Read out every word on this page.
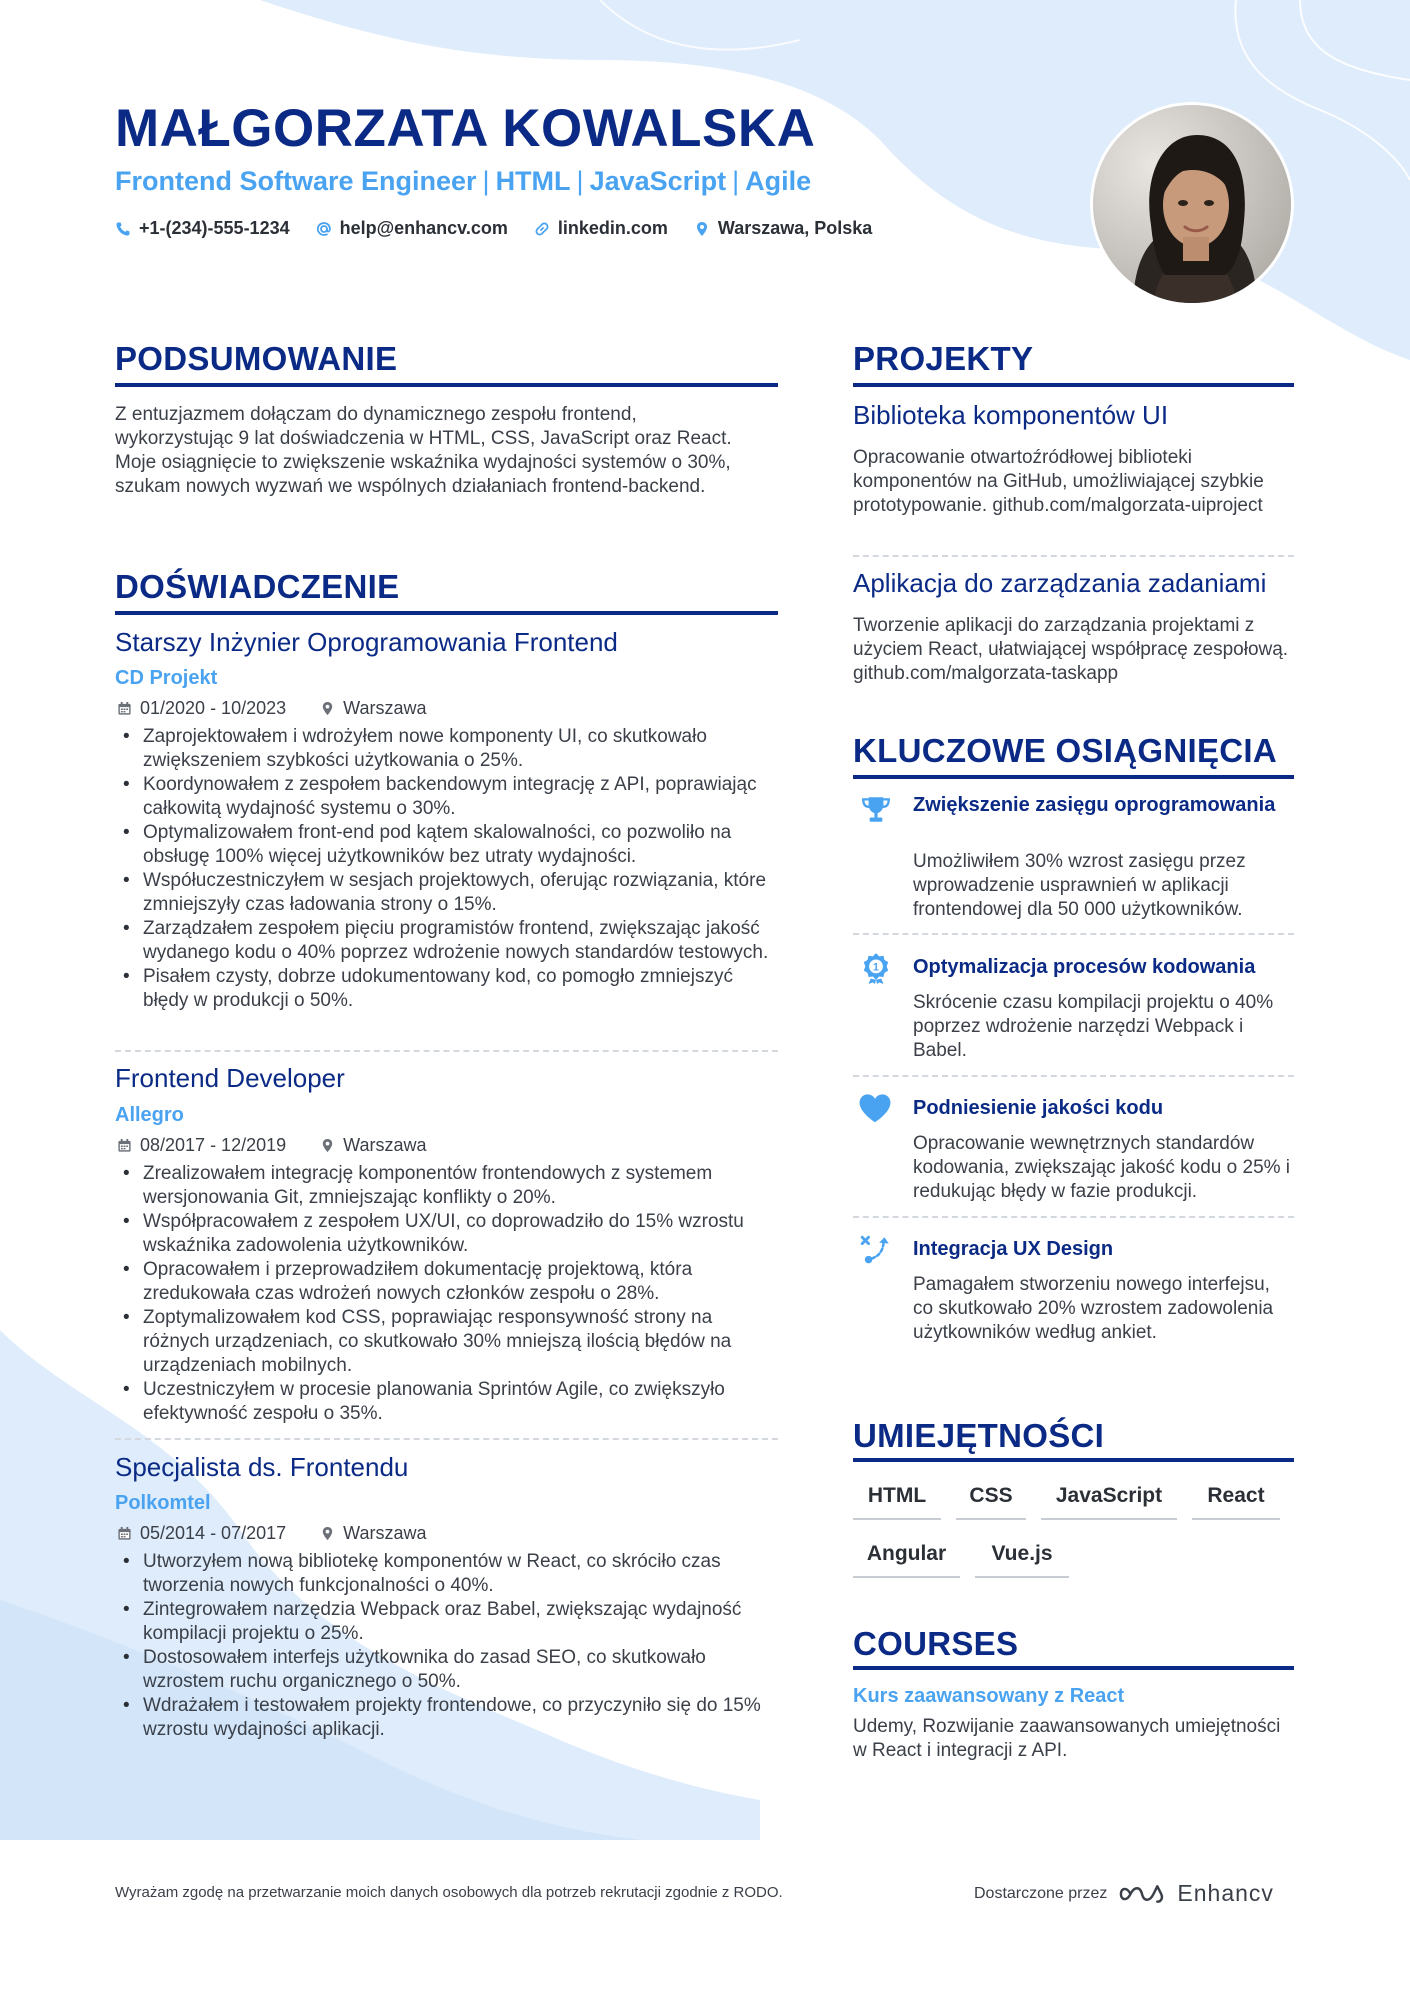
MAŁGORZATA KOWALSKA
Frontend Software Engineer | HTML | JavaScript | Agile
+1-(234)-555-1234	help@enhancv.com	linkedin.com	Warszawa, Polska
PODSUMOWANIE
Z entuzjazmem dołączam do dynamicznego zespołu frontend, wykorzystując 9 lat doświadczenia w HTML, CSS, JavaScript oraz React. Moje osiągnięcie to zwiększenie wskaźnika wydajności systemów o 30%, szukam nowych wyzwań we wspólnych działaniach frontend-backend.
DOŚWIADCZENIE
Starszy Inżynier Oprogramowania Frontend
CD Projekt
01/2020 - 10/2023	Warszawa
• Zaprojektowałem i wdrożyłem nowe komponenty UI, co skutkowało zwiększeniem szybkości użytkowania o 25%.
• Koordynowałem z zespołem backendowym integrację z API, poprawiając całkowitą wydajność systemu o 30%.
• Optymalizowałem front-end pod kątem skalowalności, co pozwoliło na obsługę 100% więcej użytkowników bez utraty wydajności.
• Współuczestniczyłem w sesjach projektowych, oferując rozwiązania, które zmniejszyły czas ładowania strony o 15%.
• Zarządzałem zespołem pięciu programistów frontend, zwiększając jakość wydanego kodu o 40% poprzez wdrożenie nowych standardów testowych.
• Pisałem czysty, dobrze udokumentowany kod, co pomogło zmniejszyć błędy w produkcji o 50%.
Frontend Developer
Allegro
08/2017 - 12/2019	Warszawa
• Zrealizowałem integrację komponentów frontendowych z systemem wersjonowania Git, zmniejszając konflikty o 20%.
• Współpracowałem z zespołem UX/UI, co doprowadziło do 15% wzrostu wskaźnika zadowolenia użytkowników.
• Opracowałem i przeprowadziłem dokumentację projektową, która zredukowała czas wdrożeń nowych członków zespołu o 28%.
• Zoptymalizowałem kod CSS, poprawiając responsywność strony na różnych urządzeniach, co skutkowało 30% mniejszą ilością błędów na urządzeniach mobilnych.
• Uczestniczyłem w procesie planowania Sprintów Agile, co zwiększyło efektywność zespołu o 35%.
Specjalista ds. Frontendu
Polkomtel
05/2014 - 07/2017	Warszawa
• Utworzyłem nową bibliotekę komponentów w React, co skróciło czas tworzenia nowych funkcjonalności o 40%.
• Zintegrowałem narzędzia Webpack oraz Babel, zwiększając wydajność kompilacji projektu o 25%.
• Dostosowałem interfejs użytkownika do zasad SEO, co skutkowało wzrostem ruchu organicznego o 50%.
• Wdrażałem i testowałem projekty frontendowe, co przyczyniło się do 15% wzrostu wydajności aplikacji.
PROJEKTY
Biblioteka komponentów UI
Opracowanie otwartoźródłowej biblioteki komponentów na GitHub, umożliwiającej szybkie prototypowanie. github.com/malgorzata-uiproject
Aplikacja do zarządzania zadaniami
Tworzenie aplikacji do zarządzania projektami z użyciem React, ułatwiającej współpracę zespołową. github.com/malgorzata-taskapp
KLUCZOWE OSIĄGNIĘCIA
Zwiększenie zasięgu oprogramowania
Umożliwiłem 30% wzrost zasięgu przez wprowadzenie usprawnień w aplikacji frontendowej dla 50 000 użytkowników.
1 Optymalizacja procesów kodowania
Skrócenie czasu kompilacji projektu o 40% poprzez wdrożenie narzędzi Webpack i Babel.
Podniesienie jakości kodu
Opracowanie wewnętrznych standardów kodowania, zwiększając jakość kodu o 25% i redukując błędy w fazie produkcji.
Integracja UX Design
Pamagałem stworzeniu nowego interfejsu, co skutkowało 20% wzrostem zadowolenia użytkowników według ankiet.
UMIEJĘTNOŚCI
HTML	CSS	JavaScript	React
Angular	Vue.js
COURSES
Kurs zaawansowany z React
Udemy, Rozwijanie zaawansowanych umiejętności w React i integracji z API.
Wyrażam zgodę na przetwarzanie moich danych osobowych dla potrzeb rekrutacji zgodnie z RODO.	Dostarczone przez	Enhancv
